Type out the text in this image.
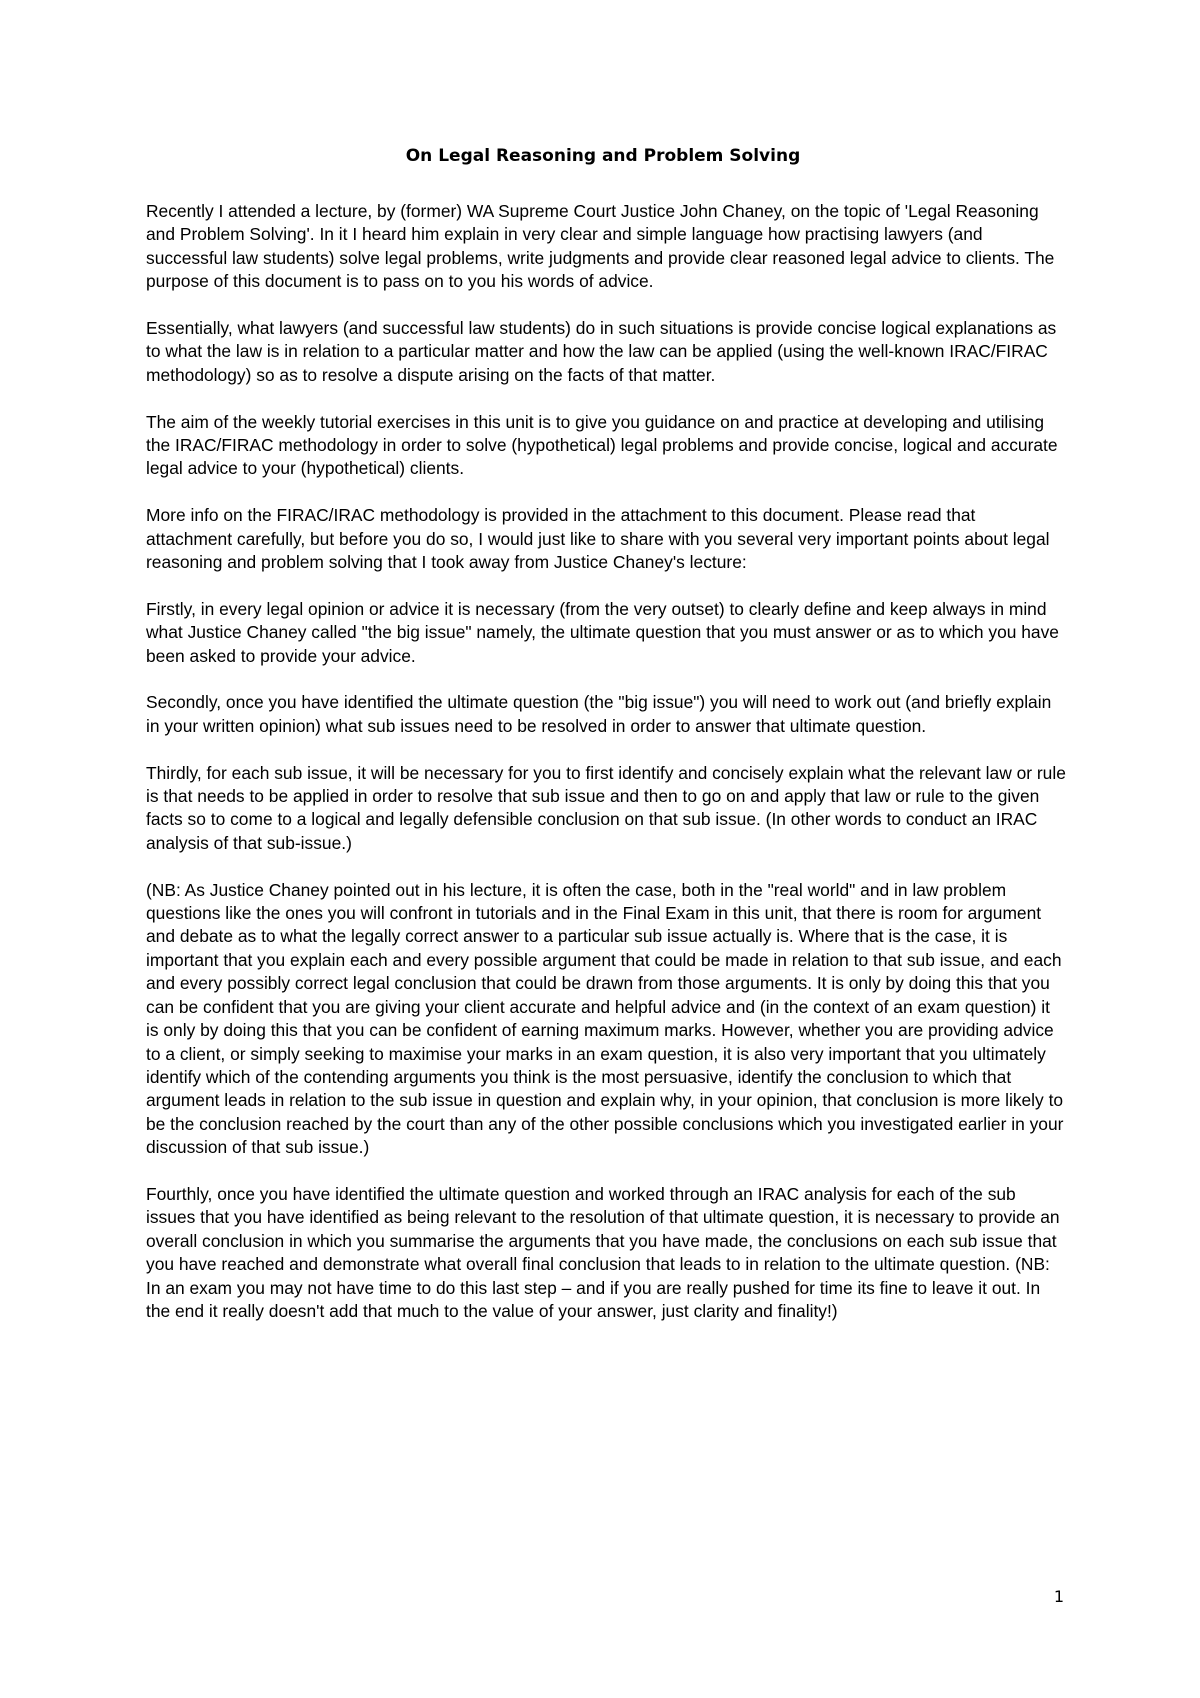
On Legal Reasoning and Problem Solving

Recently I attended a lecture, by (former) WA Supreme Court Justice John Chaney, on the topic of 'Legal Reasoning and Problem Solving'. In it I heard him explain in very clear and simple language how practising lawyers (and successful law students) solve legal problems, write judgments and provide clear reasoned legal advice to clients. The purpose of this document is to pass on to you his words of advice.

Essentially, what lawyers (and successful law students) do in such situations is provide concise logical explanations as to what the law is in relation to a particular matter and how the law can be applied (using the well-known IRAC/FIRAC methodology) so as to resolve a dispute arising on the facts of that matter.

The aim of the weekly tutorial exercises in this unit is to give you guidance on and practice at developing and utilising the IRAC/FIRAC methodology in order to solve (hypothetical) legal problems and provide concise, logical and accurate legal advice to your (hypothetical) clients.

More info on the FIRAC/IRAC methodology is provided in the attachment to this document. Please read that attachment carefully, but before you do so, I would just like to share with you several very important points about legal reasoning and problem solving that I took away from Justice Chaney's lecture:

Firstly, in every legal opinion or advice it is necessary (from the very outset) to clearly define and keep always in mind what Justice Chaney called "the big issue" namely, the ultimate question that you must answer or as to which you have been asked to provide your advice.

Secondly, once you have identified the ultimate question (the "big issue") you will need to work out (and briefly explain in your written opinion) what sub issues need to be resolved in order to answer that ultimate question.

Thirdly, for each sub issue, it will be necessary for you to first identify and concisely explain what the relevant law or rule is that needs to be applied in order to resolve that sub issue and then to go on and apply that law or rule to the given facts so to come to a logical and legally defensible conclusion on that sub issue. (In other words to conduct an IRAC analysis of that sub-issue.)

(NB: As Justice Chaney pointed out in his lecture, it is often the case, both in the "real world" and in law problem questions like the ones you will confront in tutorials and in the Final Exam in this unit, that there is room for argument and debate as to what the legally correct answer to a particular sub issue actually is. Where that is the case, it is important that you explain each and every possible argument that could be made in relation to that sub issue, and each and every possibly correct legal conclusion that could be drawn from those arguments. It is only by doing this that you can be confident that you are giving your client accurate and helpful advice and (in the context of an exam question) it is only by doing this that you can be confident of earning maximum marks. However, whether you are providing advice to a client, or simply seeking to maximise your marks in an exam question, it is also very important that you ultimately identify which of the contending arguments you think is the most persuasive, identify the conclusion to which that argument leads in relation to the sub issue in question and explain why, in your opinion, that conclusion is more likely to be the conclusion reached by the court than any of the other possible conclusions which you investigated earlier in your discussion of that sub issue.)

Fourthly, once you have identified the ultimate question and worked through an IRAC analysis for each of the sub issues that you have identified as being relevant to the resolution of that ultimate question, it is necessary to provide an overall conclusion in which you summarise the arguments that you have made, the conclusions on each sub issue that you have reached and demonstrate what overall final conclusion that leads to in relation to the ultimate question. (NB: In an exam you may not have time to do this last step – and if you are really pushed for time its fine to leave it out. In the end it really doesn't add that much to the value of your answer, just clarity and finality!)

1
